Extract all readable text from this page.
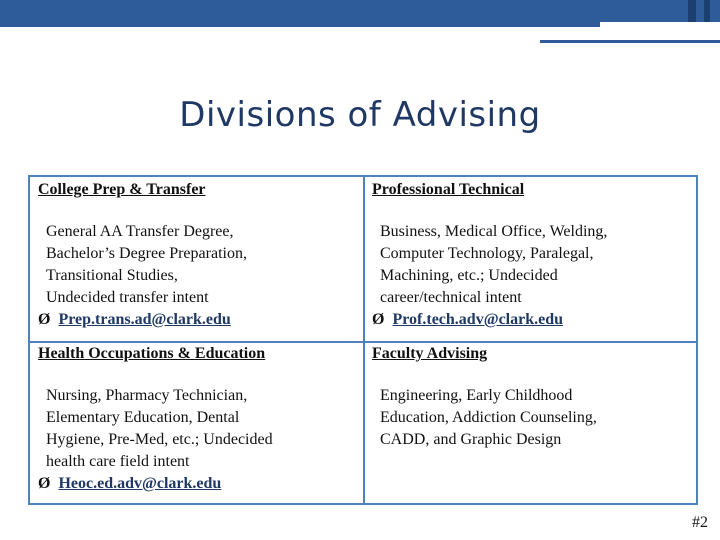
Divisions of Advising
College Prep & Transfer
General AA Transfer Degree,
Bachelor’s Degree Preparation,
Transitional Studies,
Undecided transfer intent
Ø Prep.trans.ad@clark.edu
Professional Technical
Business, Medical Office, Welding,
Computer Technology, Paralegal,
Machining, etc.; Undecided
career/technical intent
Ø Prof.tech.adv@clark.edu
Health Occupations & Education
Nursing, Pharmacy Technician,
Elementary Education, Dental
Hygiene, Pre-Med, etc.; Undecided
health care field intent
Ø Heoc.ed.adv@clark.edu
Faculty Advising
Engineering, Early Childhood
Education, Addiction Counseling,
CADD, and Graphic Design
#2
